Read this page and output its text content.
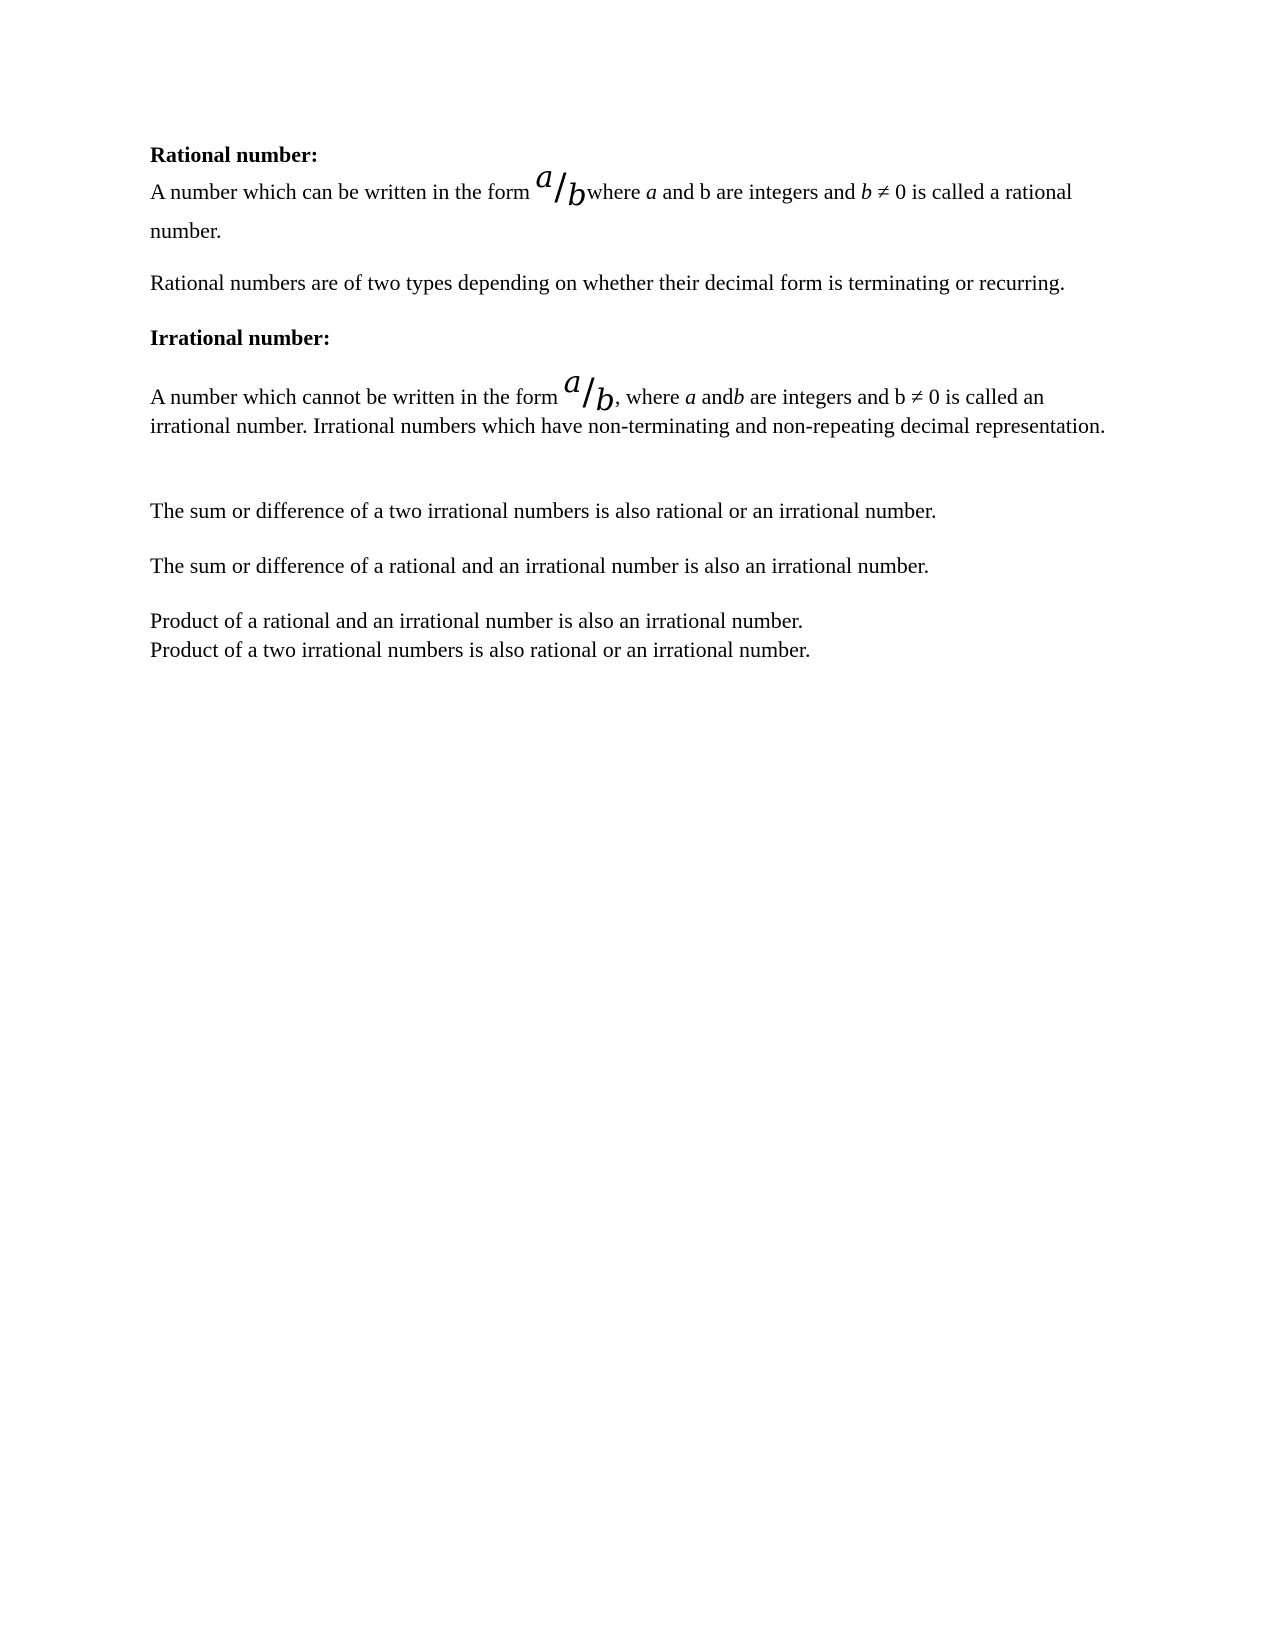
Rational number:

A number which can be written in the form a/bwhere a and b are integers and b ≠ 0 is called a rational number.

Rational numbers are of two types depending on whether their decimal form is terminating or recurring.

Irrational number:

A number which cannot be written in the form a/b, where a andb are integers and b ≠ 0 is called an irrational number. Irrational numbers which have non-terminating and non-repeating decimal representation.

The sum or difference of a two irrational numbers is also rational or an irrational number.

The sum or difference of a rational and an irrational number is also an irrational number.

Product of a rational and an irrational number is also an irrational number.

Product of a two irrational numbers is also rational or an irrational number.
